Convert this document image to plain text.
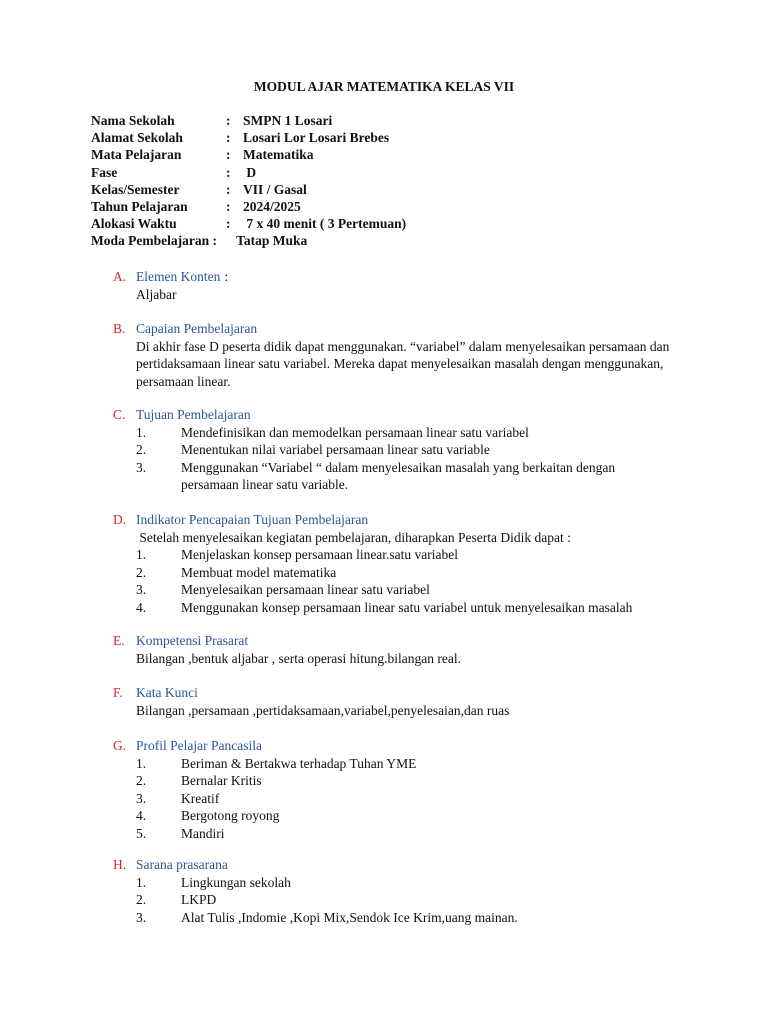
MODUL AJAR MATEMATIKA KELAS VII
Nama Sekolah	: SMPN 1 Losari
Alamat Sekolah	: Losari Lor Losari Brebes
Mata Pelajaran	: Matematika
Fase	: D
Kelas/Semester	: VII / Gasal
Tahun Pelajaran	: 2024/2025
Alokasi Waktu	: 7 x 40 menit ( 3 Pertemuan)
Moda Pembelajaran :	Tatap Muka
A. Elemen Konten :

Aljabar

B. Capaian Pembelajaran

Di akhir fase D peserta didik dapat menggunakan. “variabel” dalam menyelesaikan persamaan dan pertidaksamaan linear satu variabel. Mereka dapat menyelesaikan masalah dengan menggunakan, persamaan linear.

C. Tujuan Pembelajaran
1.	Mendefinisikan dan memodelkan persamaan linear satu variabel
2.	Menentukan nilai variabel persamaan linear satu variable
3.	Menggunakan “Variabel “ dalam menyelesaikan masalah yang berkaitan dengan persamaan linear satu variable.
D. Indikator Pencapaian Tujuan Pembelajaran

Setelah menyelesaikan kegiatan pembelajaran, diharapkan Peserta Didik dapat :

1.	Menjelaskan konsep persamaan linear.satu variabel
2.	Membuat model matematika
3.	Menyelesaikan persamaan linear satu variabel
4.	Menggunakan konsep persamaan linear satu variabel untuk menyelesaikan masalah
E. Kompetensi Prasarat

Bilangan ,bentuk aljabar , serta operasi hitung.bilangan real.

F. Kata Kunci

Bilangan ,persamaan ,pertidaksamaan,variabel,penyelesaian,dan ruas

G. Profil Pelajar Pancasila
1.	Beriman & Bertakwa terhadap Tuhan YME
2.	Bernalar Kritis
3.	Kreatif
4.	Bergotong royong
5.	Mandiri
H. Sarana prasarana
1.	Lingkungan sekolah
2.	LKPD
3.	Alat Tulis ,Indomie ,Kopi Mix,Sendok Ice Krim,uang mainan.
